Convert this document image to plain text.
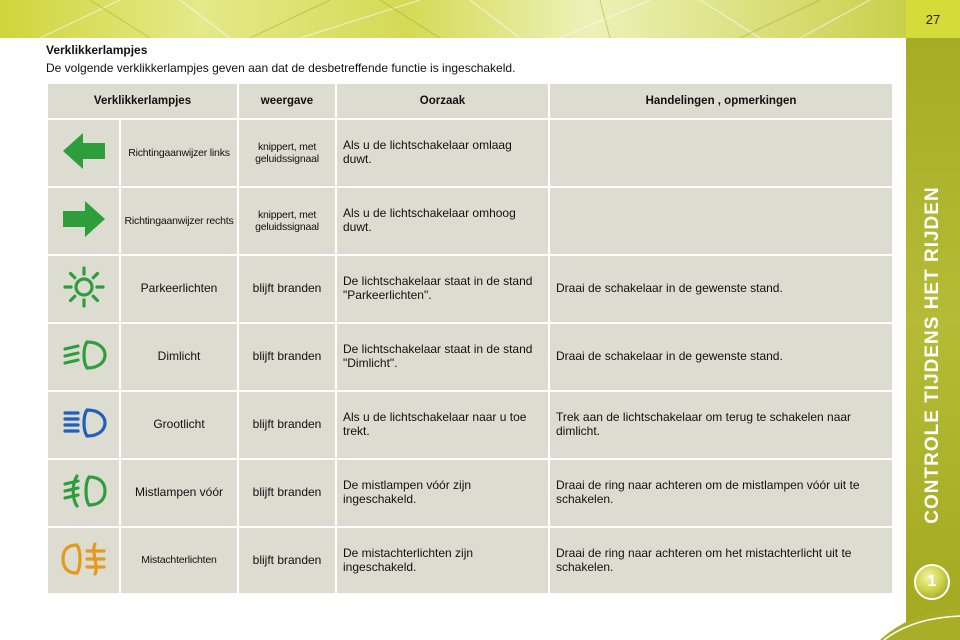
27
CONTROLE TIJDENS HET RIJDEN
1
Verklikkerlampjes
De volgende verklikkerlampjes geven aan dat de desbetreffende functie is ingeschakeld.
Verklikkerlampjes		weergave	Oorzaak	Handelingen , opmerkingen

	Richtingaanwijzer links	knippert, met geluidssignaal	Als u de lichtschakelaar omlaag duwt.	

	Richtingaanwijzer rechts	knippert, met geluidssignaal	Als u de lichtschakelaar omhoog duwt.	

	Parkeerlichten	blijft branden	De lichtschakelaar staat in de stand "Parkeerlichten".	Draai de schakelaar in de gewenste stand.

	Dimlicht	blijft branden	De lichtschakelaar staat in de stand "Dimlicht".	Draai de schakelaar in de gewenste stand.

	Grootlicht	blijft branden	Als u de lichtschakelaar naar u toe trekt.	Trek aan de lichtschakelaar om terug te schakelen naar dimlicht.

	Mistlampen vóór	blijft branden	De mistlampen vóór zijn ingeschakeld.	Draai de ring naar achteren om de mistlampen vóór uit te schakelen.

	Mistachterlichten	blijft branden	De mistachterlichten zijn ingeschakeld.	Draai de ring naar achteren om het mistachterlicht uit te schakelen.
